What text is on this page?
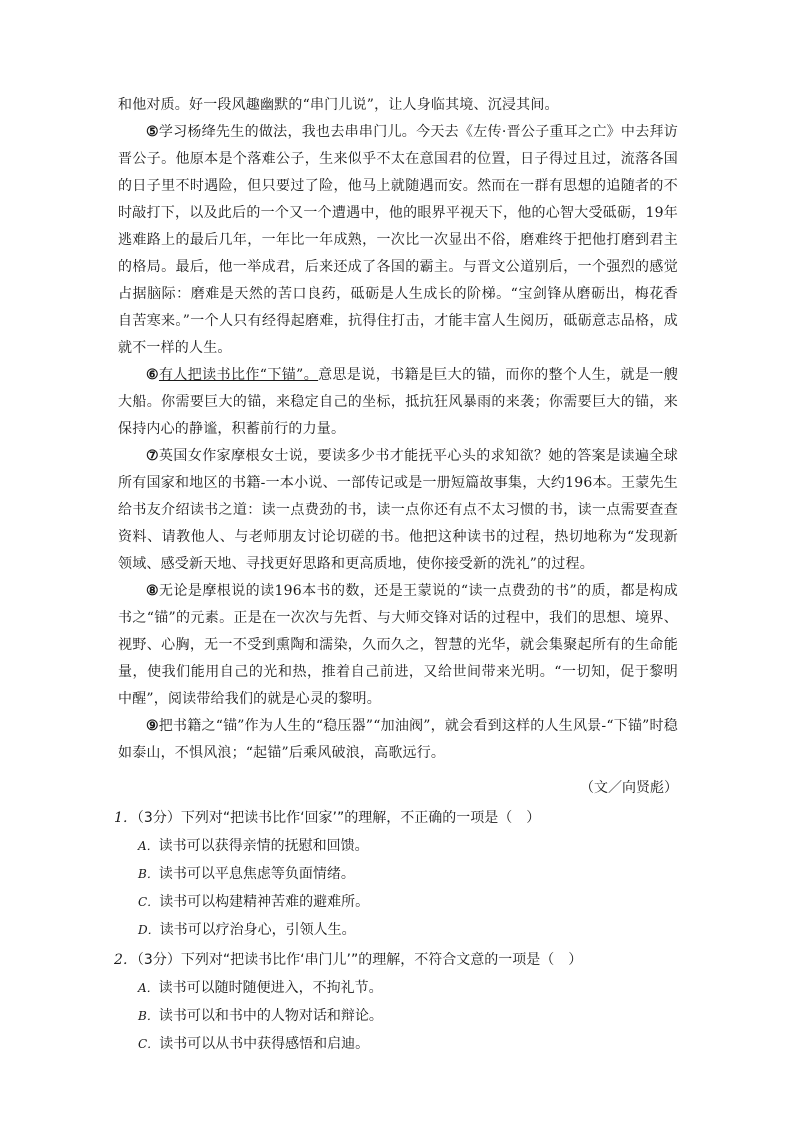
和他对质。好一段风趣幽默的“串门儿说”，让人身临其境、沉浸其间。

⑤学习杨绛先生的做法，我也去串串门儿。今天去《左传·晋公子重耳之亡》中去拜访晋公子。他原本是个落难公子，生来似乎不太在意国君的位置，日子得过且过，流落各国的日子里不时遇险，但只要过了险，他马上就随遇而安。然而在一群有思想的追随者的不时敲打下，以及此后的一个又一个遭遇中，他的眼界平视天下，他的心智大受砥砺，19年逃难路上的最后几年，一年比一年成熟，一次比一次显出不俗，磨难终于把他打磨到君主的格局。最后，他一举成君，后来还成了各国的霸主。与晋文公道别后，一个强烈的感觉占据脑际：磨难是天然的苦口良药，砥砺是人生成长的阶梯。“宝剑锋从磨砺出，梅花香自苦寒来。”一个人只有经得起磨难，抗得住打击，才能丰富人生阅历，砥砺意志品格，成就不一样的人生。

⑥有人把读书比作“下锚”。意思是说，书籍是巨大的锚，而你的整个人生，就是一艘大船。你需要巨大的锚，来稳定自己的坐标，抵抗狂风暴雨的来袭；你需要巨大的锚，来保持内心的静谧，积蓄前行的力量。

⑦英国女作家摩根女士说，要读多少书才能抚平心头的求知欲？她的答案是读遍全球所有国家和地区的书籍-一本小说、一部传记或是一册短篇故事集，大约196本。王蒙先生给书友介绍读书之道：读一点费劲的书，读一点你还有点不太习惯的书，读一点需要查查资料、请教他人、与老师朋友讨论切磋的书。他把这种读书的过程，热切地称为“发现新领域、感受新天地、寻找更好思路和更高质地，使你接受新的洗礼”的过程。

⑧无论是摩根说的读196本书的数，还是王蒙说的“读一点费劲的书”的质，都是构成书之“锚”的元素。正是在一次次与先哲、与大师交锋对话的过程中，我们的思想、境界、视野、心胸，无一不受到熏陶和濡染，久而久之，智慧的光华，就会集聚起所有的生命能量，使我们能用自己的光和热，推着自己前进，又给世间带来光明。“一切知，促于黎明中醒”，阅读带给我们的就是心灵的黎明。

⑨把书籍之“锚”作为人生的“稳压器”“加油阀”，就会看到这样的人生风景-“下锚”时稳如泰山，不惧风浪；“起锚”后乘风破浪，高歌远行。

（文／向贤彪）

1．（3分）下列对“把读书比作‘回家’”的理解，不正确的一项是（　）
A．读书可以获得亲情的抚慰和回馈。
B．读书可以平息焦虑等负面情绪。
C．读书可以构建精神苦难的避难所。
D．读书可以疗治身心，引领人生。
2．（3分）下列对“把读书比作‘串门儿’”的理解，不符合文意的一项是（　）
A．读书可以随时随便进入，不拘礼节。
B．读书可以和书中的人物对话和辩论。
C．读书可以从书中获得感悟和启迪。
